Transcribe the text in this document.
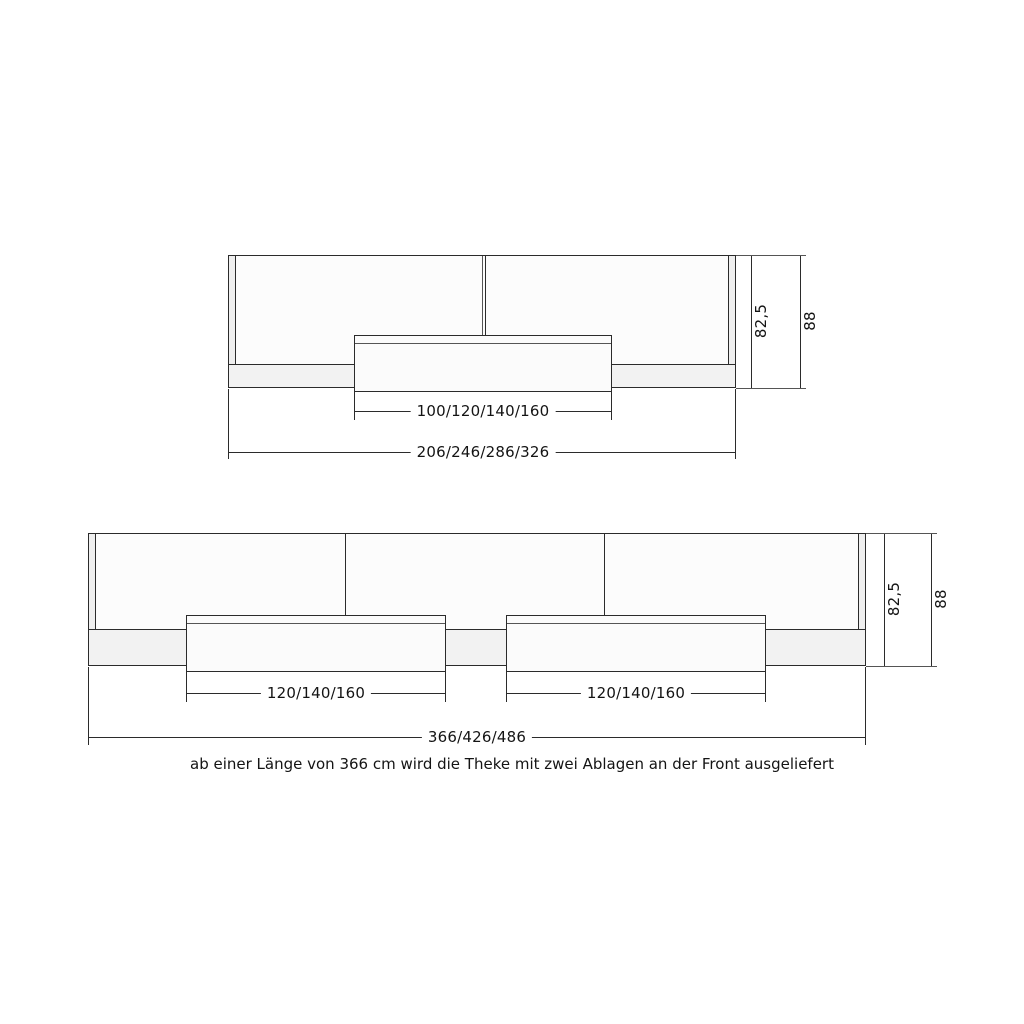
82,5 88
100/120/140/160
206/246/286/326
82,5 88
120/140/160	120/140/160
366/426/486
ab einer Länge von 366 cm wird die Theke mit zwei Ablagen an der Front ausgeliefert
